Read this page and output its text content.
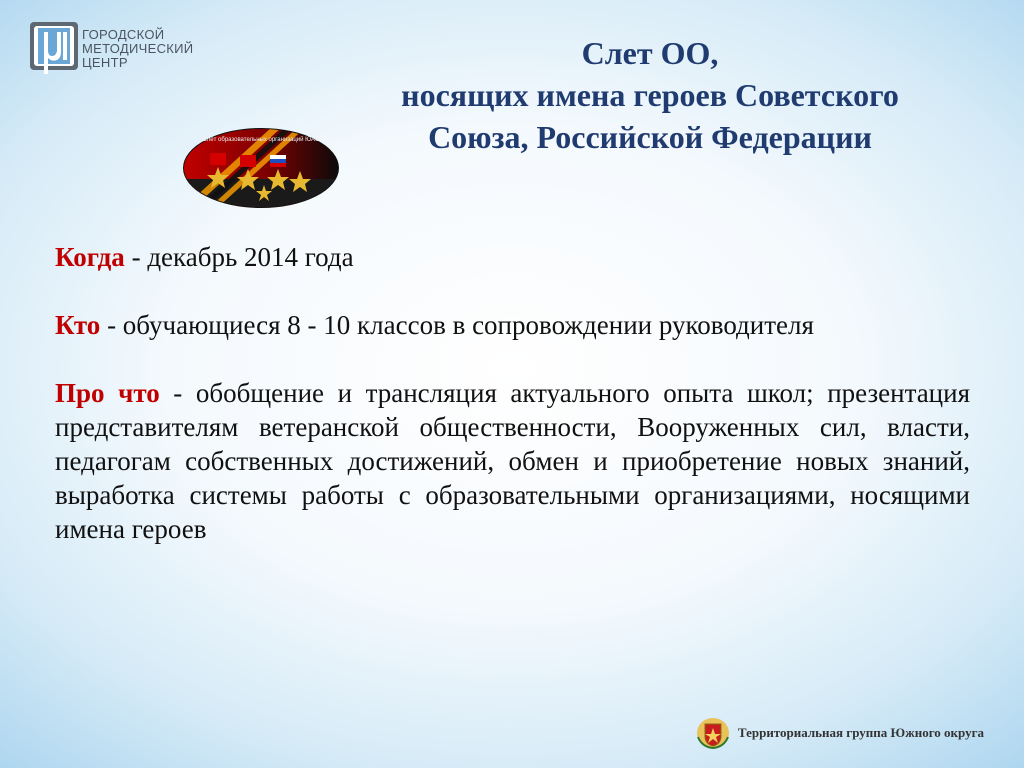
ГОРОДСКОЙ
МЕТОДИЧЕСКИЙ
ЦЕНТР
Слёт образовательных организаций ЮАО
Слет ОО,
носящих имена героев Советского
Союза, Российской Федерации
Когда - декабрь 2014 года
Кто - обучающиеся 8 - 10 классов в сопровождении руководителя
Про что - обобщение и трансляция актуального опыта школ; презентация представителям ветеранской общественности, Вооруженных сил, власти, педагогам собственных достижений, обмен и приобретение новых знаний, выработка системы работы с образовательными организациями, носящими имена героев
Территориальная группа Южного округа
